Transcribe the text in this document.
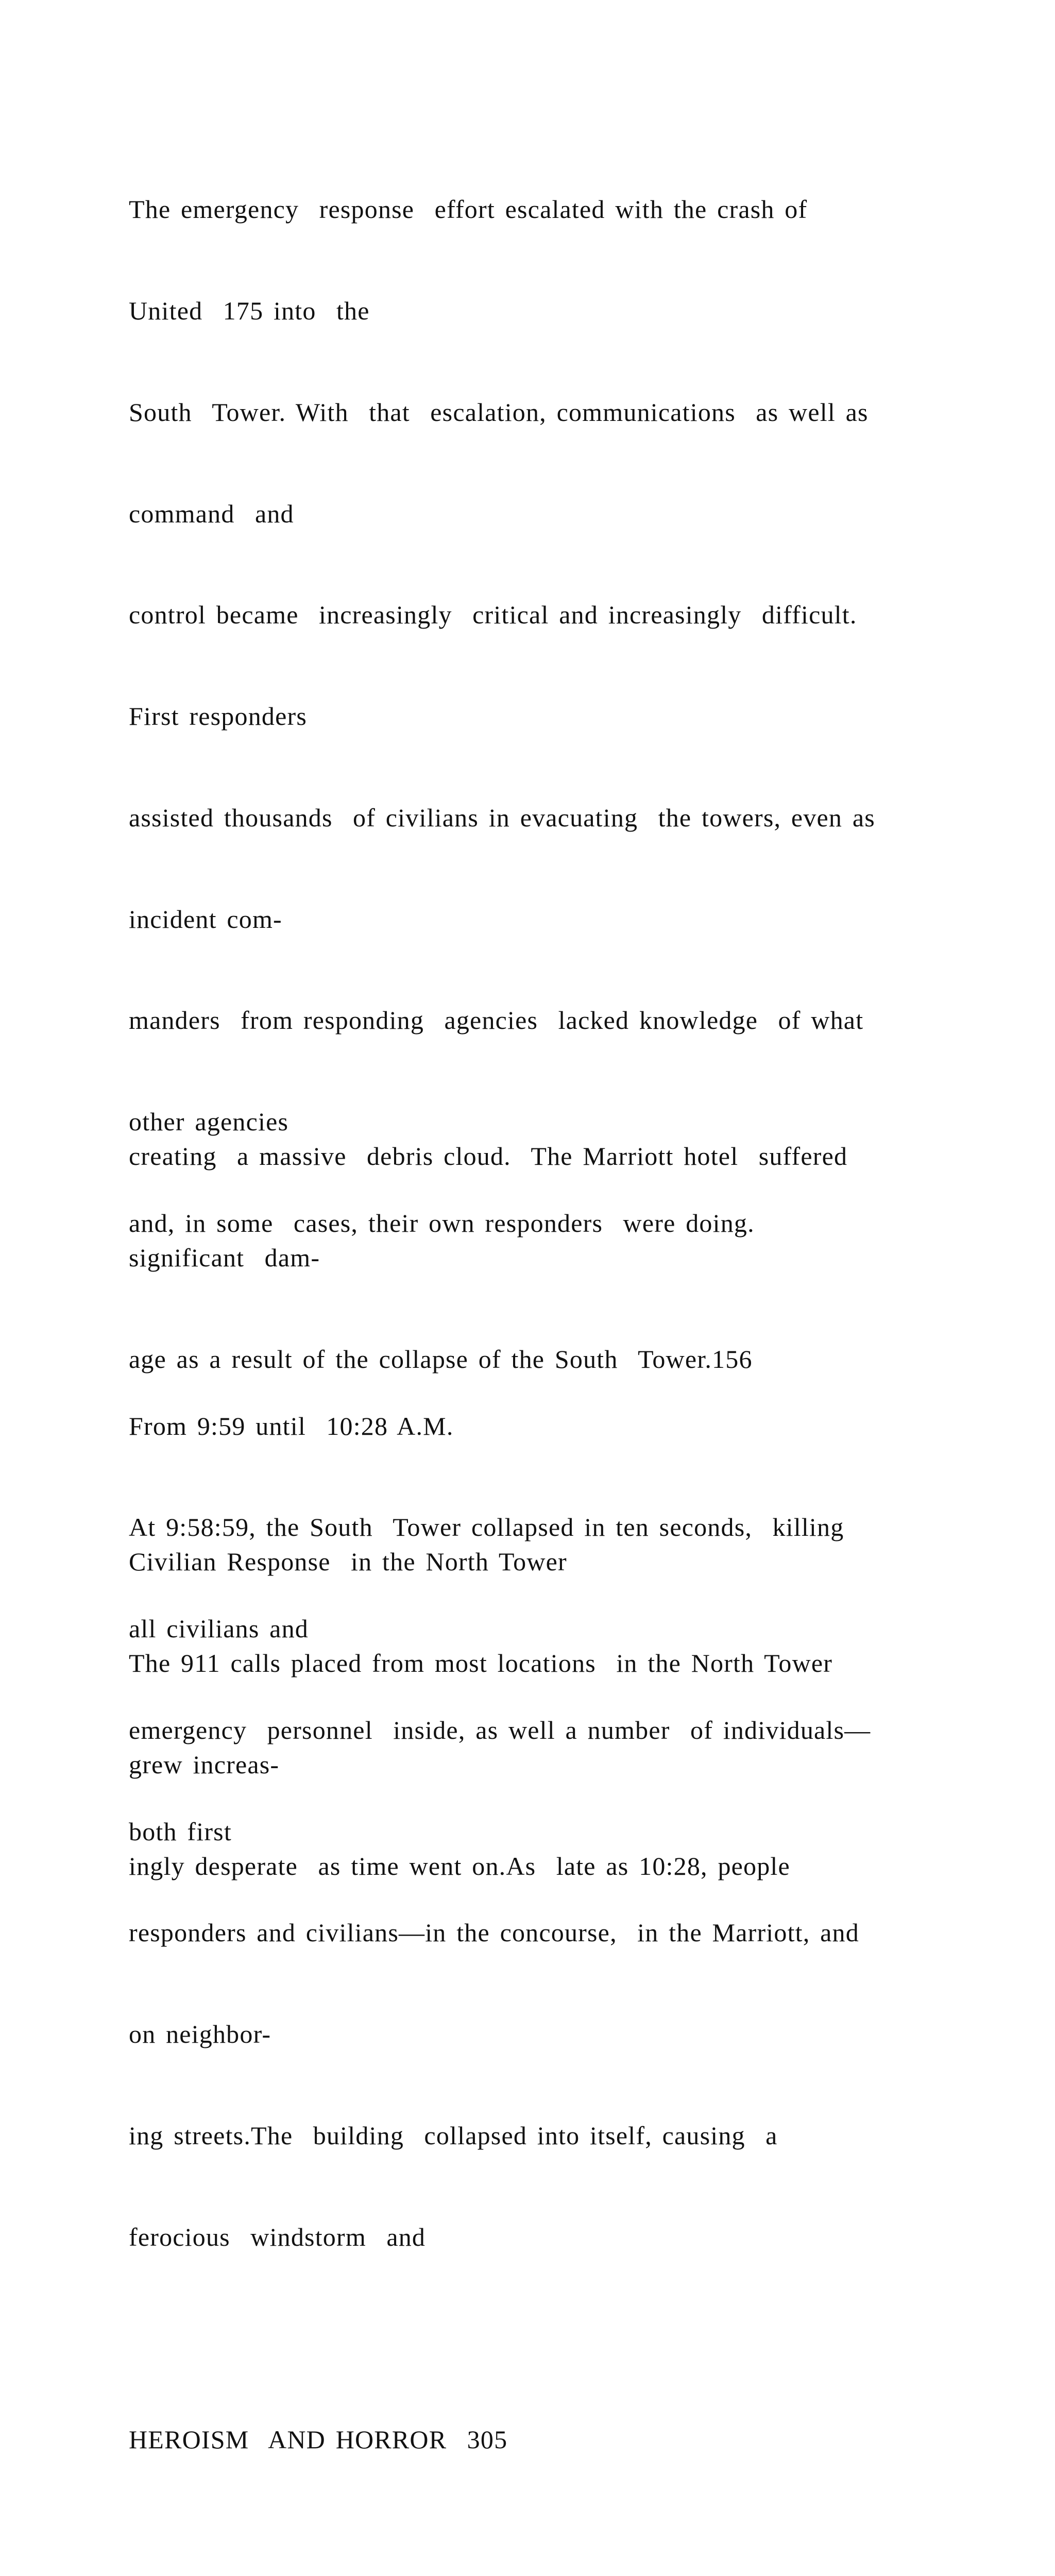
The emergency  response  effort escalated with the crash of

United  175 into  the

South  Tower. With  that  escalation, communications  as well as

command  and

control became  increasingly  critical and increasingly  difficult.

First responders

assisted thousands  of civilians in evacuating  the towers, even as

incident com-

manders  from responding  agencies  lacked knowledge  of what

other agencies

and, in some  cases, their own responders  were doing.

From 9:59 until  10:28 A.M.

At 9:58:59, the South  Tower collapsed in ten seconds,  killing

all civilians and

emergency  personnel  inside, as well a number  of individuals—

both first

responders and civilians—in the concourse,  in the Marriott, and

on neighbor-

ing streets.The  building  collapsed into itself, causing  a

ferocious  windstorm  and

HEROISM  AND HORROR  305

creating  a massive  debris cloud.  The Marriott hotel  suffered

significant  dam-

age as a result of the collapse of the South  Tower.156

Civilian Response  in the North Tower

The 911 calls placed from most locations  in the North Tower

grew increas-

ingly desperate  as time went on.As  late as 10:28, people
